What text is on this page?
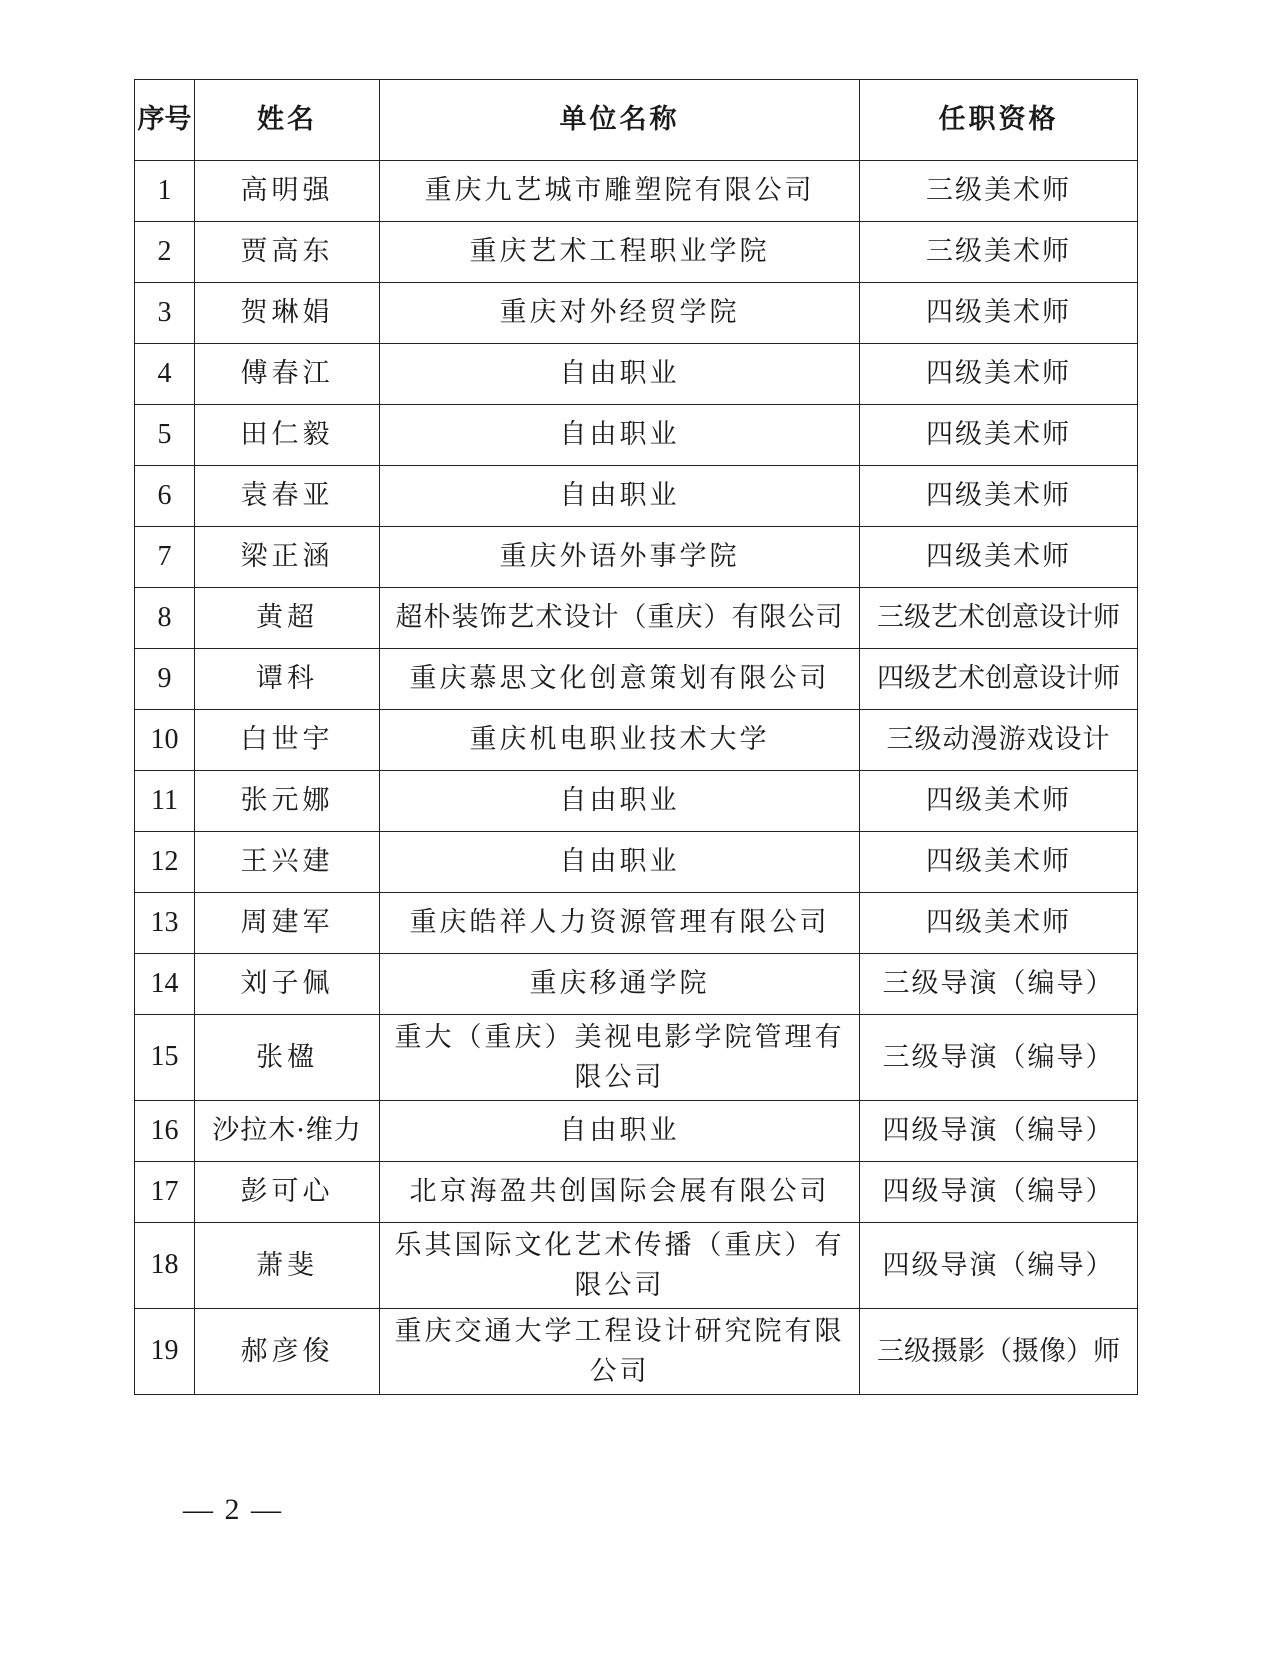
序号	姓名	单位名称	任职资格
1	高明强	重庆九艺城市雕塑院有限公司	三级美术师
2	贾高东	重庆艺术工程职业学院	三级美术师
3	贺琳娟	重庆对外经贸学院	四级美术师
4	傅春江	自由职业	四级美术师
5	田仁毅	自由职业	四级美术师
6	袁春亚	自由职业	四级美术师
7	梁正涵	重庆外语外事学院	四级美术师
8	黄超	超朴装饰艺术设计（重庆）有限公司	三级艺术创意设计师
9	谭科	重庆慕思文化创意策划有限公司	四级艺术创意设计师
10	白世宇	重庆机电职业技术大学	三级动漫游戏设计
11	张元娜	自由职业	四级美术师
12	王兴建	自由职业	四级美术师
13	周建军	重庆皓祥人力资源管理有限公司	四级美术师
14	刘子佩	重庆移通学院	三级导演（编导）
15	张楹	重大（重庆）美视电影学院管理有限公司	三级导演（编导）
16	沙拉木·维力	自由职业	四级导演（编导）
17	彭可心	北京海盈共创国际会展有限公司	四级导演（编导）
18	萧斐	乐其国际文化艺术传播（重庆）有限公司	四级导演（编导）
19	郝彦俊	重庆交通大学工程设计研究院有限公司	三级摄影（摄像）师
— 2 —
